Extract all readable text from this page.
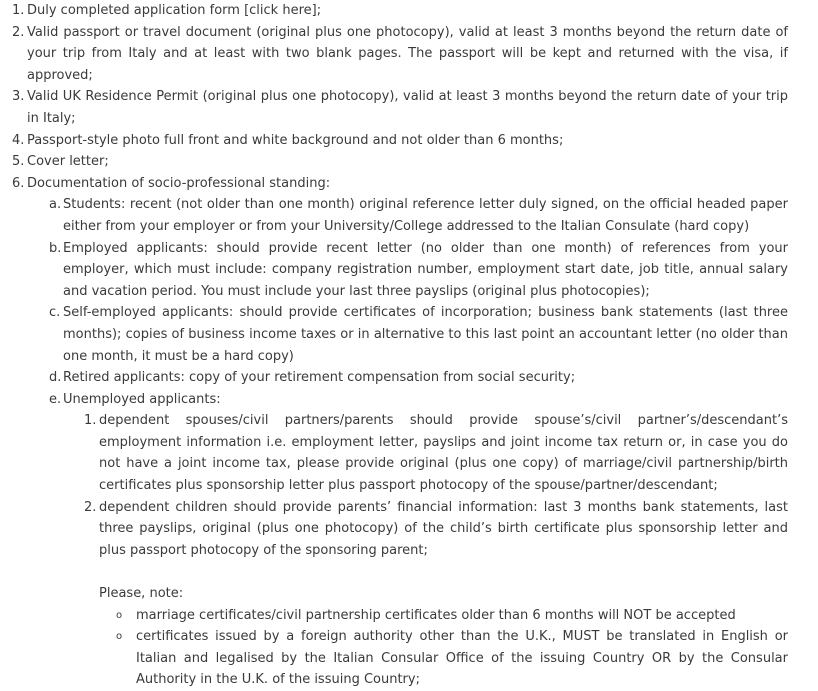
1. Duly completed application form [click here];
2. Valid passport or travel document (original plus one photocopy), valid at least 3 months beyond the return date of your trip from Italy and at least with two blank pages. The passport will be kept and returned with the visa, if approved;
3. Valid UK Residence Permit (original plus one photocopy), valid at least 3 months beyond the return date of your trip in Italy;
4. Passport-style photo full front and white background and not older than 6 months;
5. Cover letter;
6. Documentation of socio-professional standing:
a. Students: recent (not older than one month) original reference letter duly signed, on the official headed paper either from your employer or from your University/College addressed to the Italian Consulate (hard copy)
b. Employed applicants: should provide recent letter (no older than one month) of references from your employer, which must include: company registration number, employment start date, job title, annual salary and vacation period. You must include your last three payslips (original plus photocopies);
c. Self-employed applicants: should provide certificates of incorporation; business bank statements (last three months); copies of business income taxes or in alternative to this last point an accountant letter (no older than one month, it must be a hard copy)
d. Retired applicants: copy of your retirement compensation from social security;
e. Unemployed applicants:
1. dependent spouses/civil partners/parents should provide spouse’s/civil partner’s/descendant’s employment information i.e. employment letter, payslips and joint income tax return or, in case you do not have a joint income tax, please provide original (plus one copy) of marriage/civil partnership/birth certificates plus sponsorship letter plus passport photocopy of the spouse/partner/descendant;
2. dependent children should provide parents’ financial information: last 3 months bank statements, last three payslips, original (plus one photocopy) of the child’s birth certificate plus sponsorship letter and plus passport photocopy of the sponsoring parent;

Please, note:

o marriage certificates/civil partnership certificates older than 6 months will NOT be accepted
o certificates issued by a foreign authority other than the U.K., MUST be translated in English or Italian and legalised by the Italian Consular Office of the issuing Country OR by the Consular Authority in the U.K. of the issuing Country;
